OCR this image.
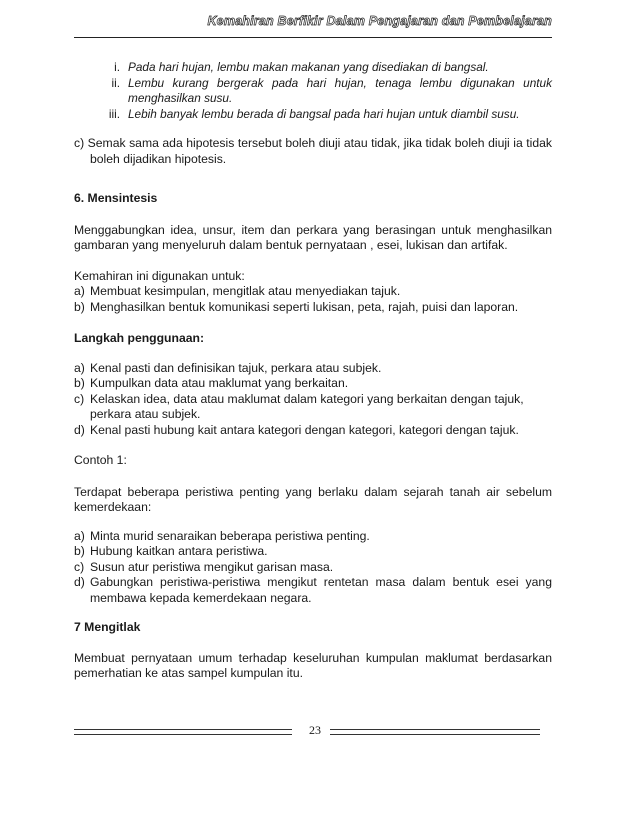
Kemahiran Berfikir Dalam Pengajaran dan Pembelajaran
i. Pada hari hujan, lembu makan makanan yang disediakan di bangsal.
ii. Lembu kurang bergerak pada hari hujan, tenaga lembu digunakan untuk menghasilkan susu.
iii. Lebih banyak lembu berada di bangsal pada hari hujan untuk diambil susu.

c) Semak sama ada hipotesis tersebut boleh diuji atau tidak, jika tidak boleh diuji ia tidak boleh dijadikan hipotesis.

6. Mensintesis

Menggabungkan idea, unsur, item dan perkara yang berasingan untuk menghasilkan gambaran yang menyeluruh dalam bentuk pernyataan , esei, lukisan dan artifak.

Kemahiran ini digunakan untuk:

a) Membuat kesimpulan, mengitlak atau menyediakan tajuk.
b) Menghasilkan bentuk komunikasi seperti lukisan, peta, rajah, puisi dan laporan.

Langkah penggunaan:

a) Kenal pasti dan definisikan tajuk, perkara atau subjek.
b) Kumpulkan data atau maklumat yang berkaitan.
c) Kelaskan idea, data atau maklumat dalam kategori yang berkaitan dengan tajuk, perkara atau subjek.
d) Kenal pasti hubung kait antara kategori dengan kategori, kategori dengan tajuk.

Contoh 1:

Terdapat beberapa peristiwa penting yang berlaku dalam sejarah tanah air sebelum kemerdekaan:

a) Minta murid senaraikan beberapa peristiwa penting.
b) Hubung kaitkan antara peristiwa.
c) Susun atur peristiwa mengikut garisan masa.
d) Gabungkan peristiwa-peristiwa mengikut rentetan masa dalam bentuk esei yang membawa kepada kemerdekaan negara.

7 Mengitlak

Membuat pernyataan umum terhadap keseluruhan kumpulan maklumat berdasarkan pemerhatian ke atas sampel kumpulan itu.

23
